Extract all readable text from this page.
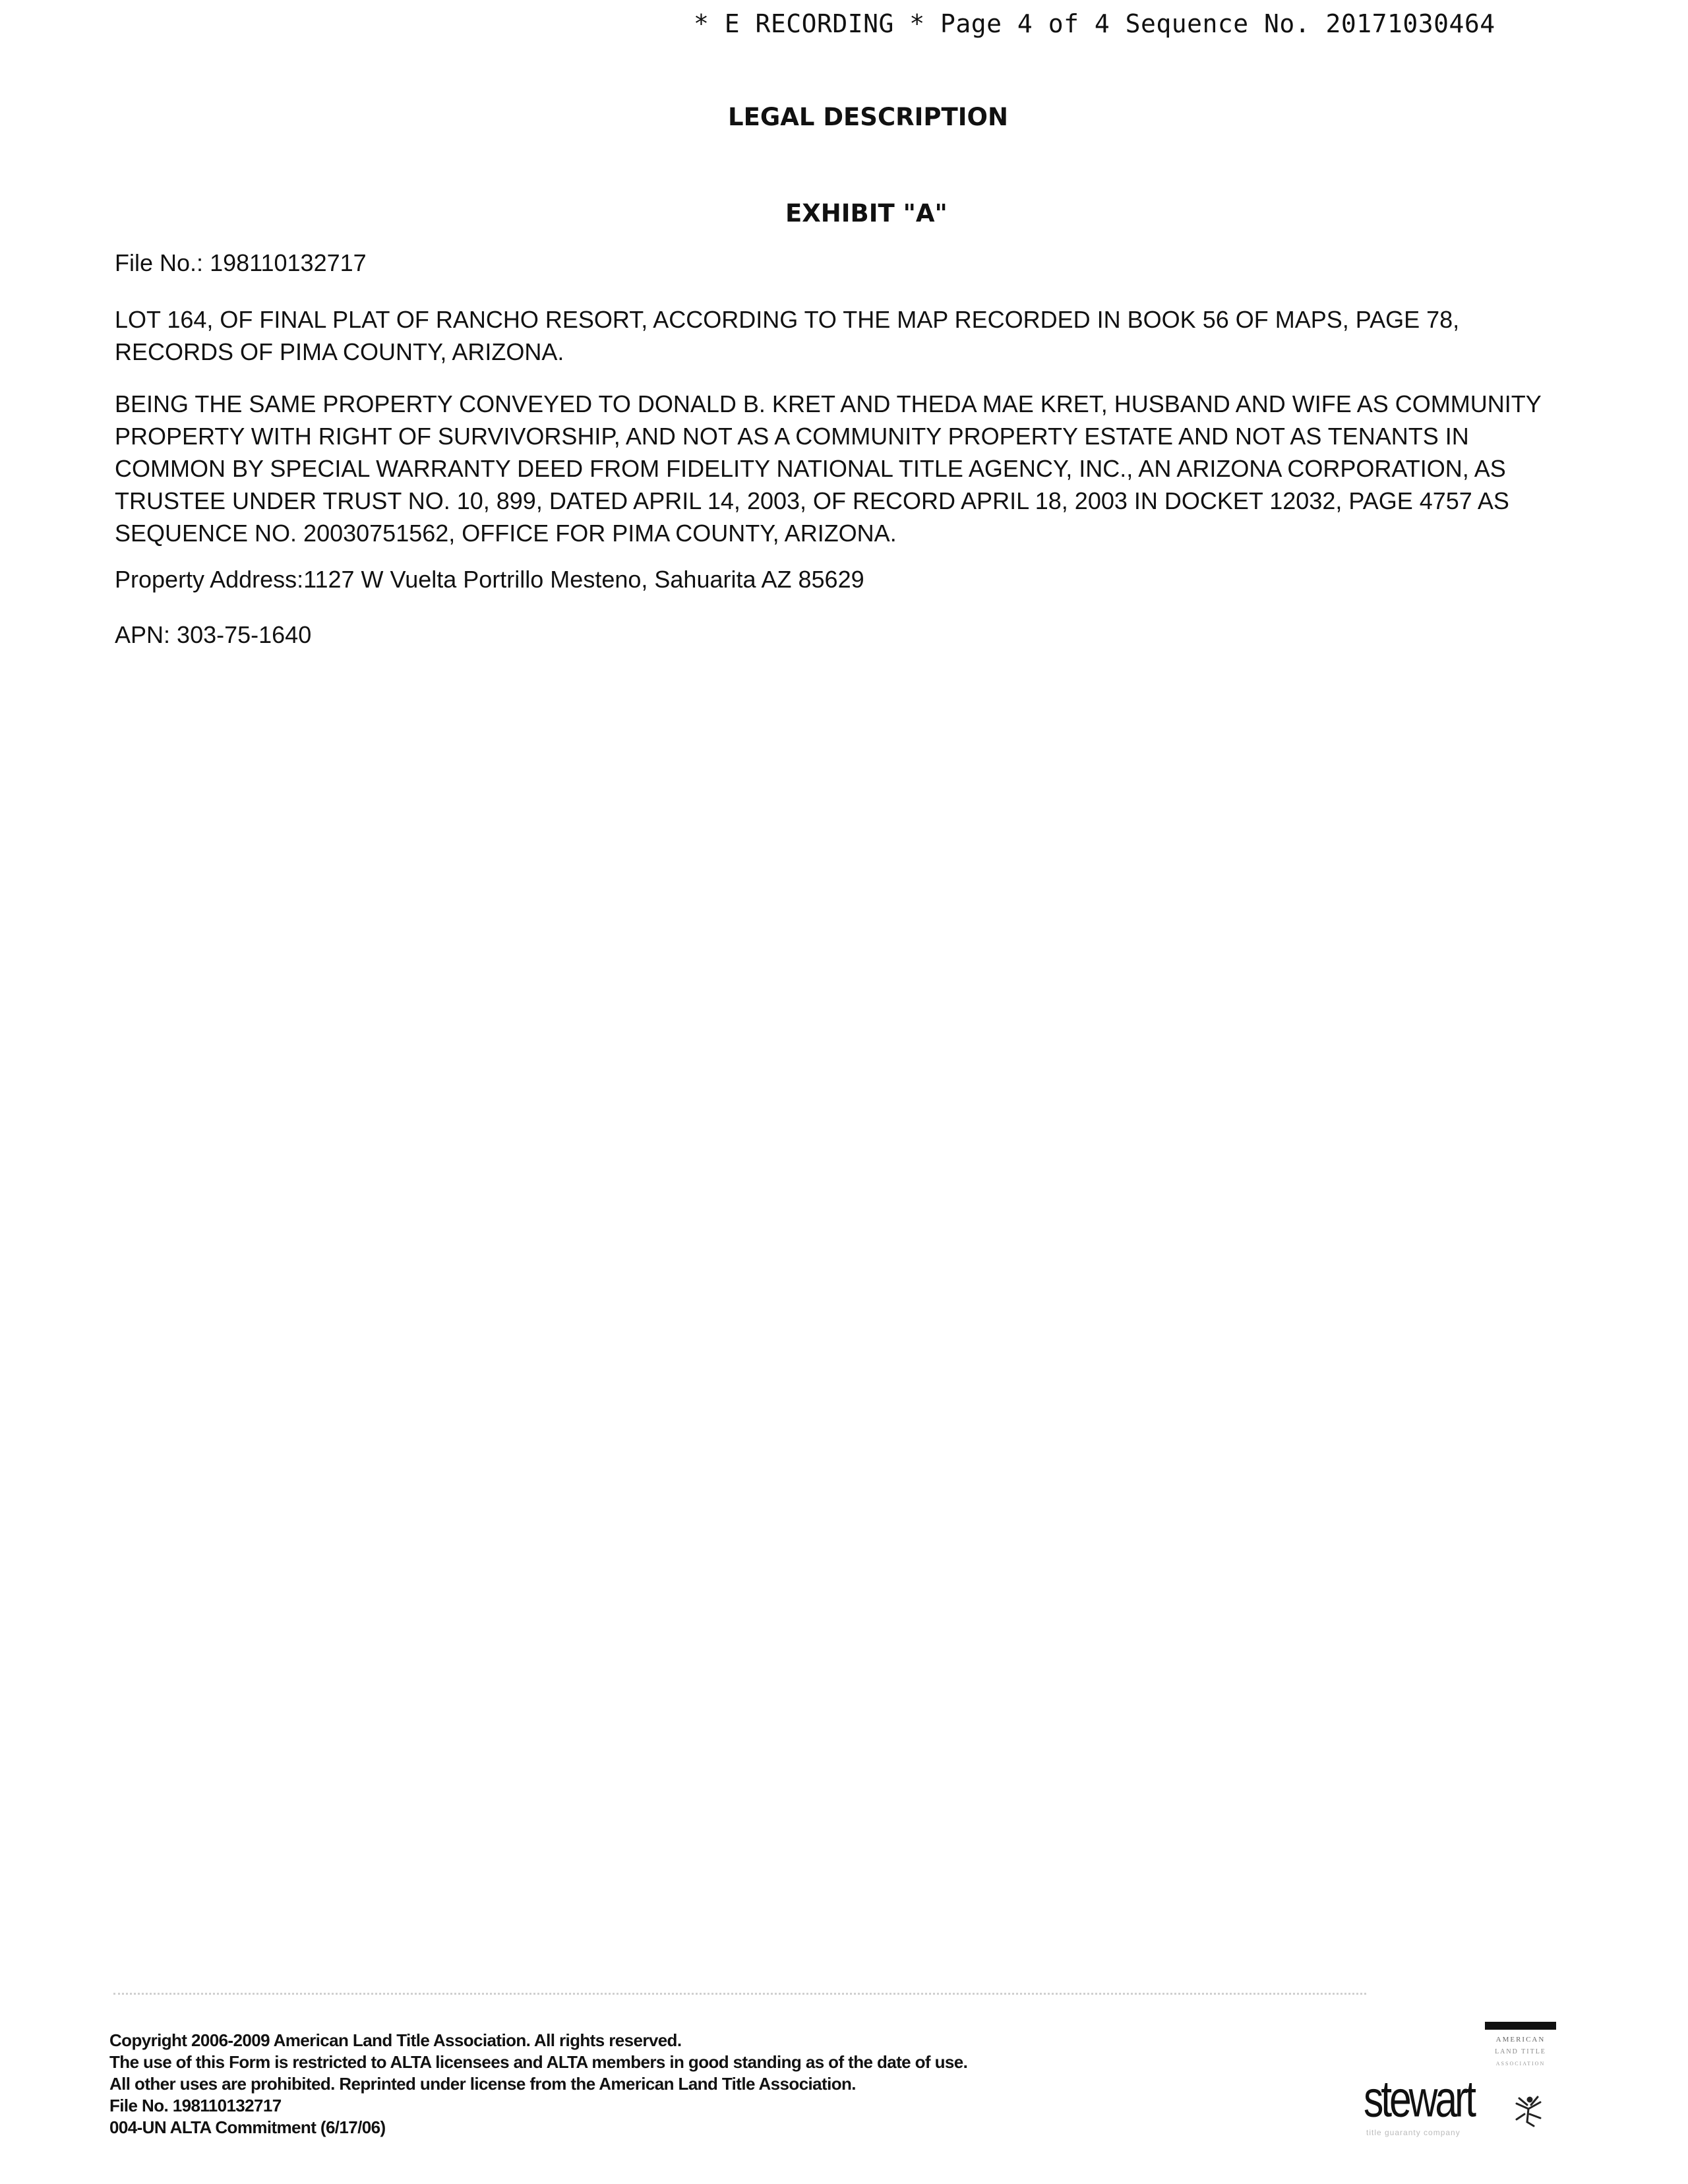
* E RECORDING * Page 4 of 4 Sequence No. 20171030464
LEGAL DESCRIPTION
EXHIBIT "A"
File No.: 198110132717
LOT 164, OF FINAL PLAT OF RANCHO RESORT, ACCORDING TO THE MAP RECORDED IN BOOK 56 OF MAPS, PAGE 78,
RECORDS OF PIMA COUNTY, ARIZONA.
BEING THE SAME PROPERTY CONVEYED TO DONALD B. KRET AND THEDA MAE KRET, HUSBAND AND WIFE AS COMMUNITY
PROPERTY WITH RIGHT OF SURVIVORSHIP, AND NOT AS A COMMUNITY PROPERTY ESTATE AND NOT AS TENANTS IN
COMMON BY SPECIAL WARRANTY DEED FROM FIDELITY NATIONAL TITLE AGENCY, INC., AN ARIZONA CORPORATION, AS
TRUSTEE UNDER TRUST NO. 10, 899, DATED APRIL 14, 2003, OF RECORD APRIL 18, 2003 IN DOCKET 12032, PAGE 4757 AS
SEQUENCE NO. 20030751562, OFFICE FOR PIMA COUNTY, ARIZONA.
Property Address:1127 W Vuelta Portrillo Mesteno, Sahuarita AZ 85629
APN: 303-75-1640
Copyright 2006-2009 American Land Title Association. All rights reserved.
The use of this Form is restricted to ALTA licensees and ALTA members in good standing as of the date of use.
All other uses are prohibited. Reprinted under license from the American Land Title Association.
File No. 198110132717
004-UN ALTA Commitment (6/17/06)
AMERICAN
LAND TITLE
ASSOCIATION
stewart
title guaranty company
